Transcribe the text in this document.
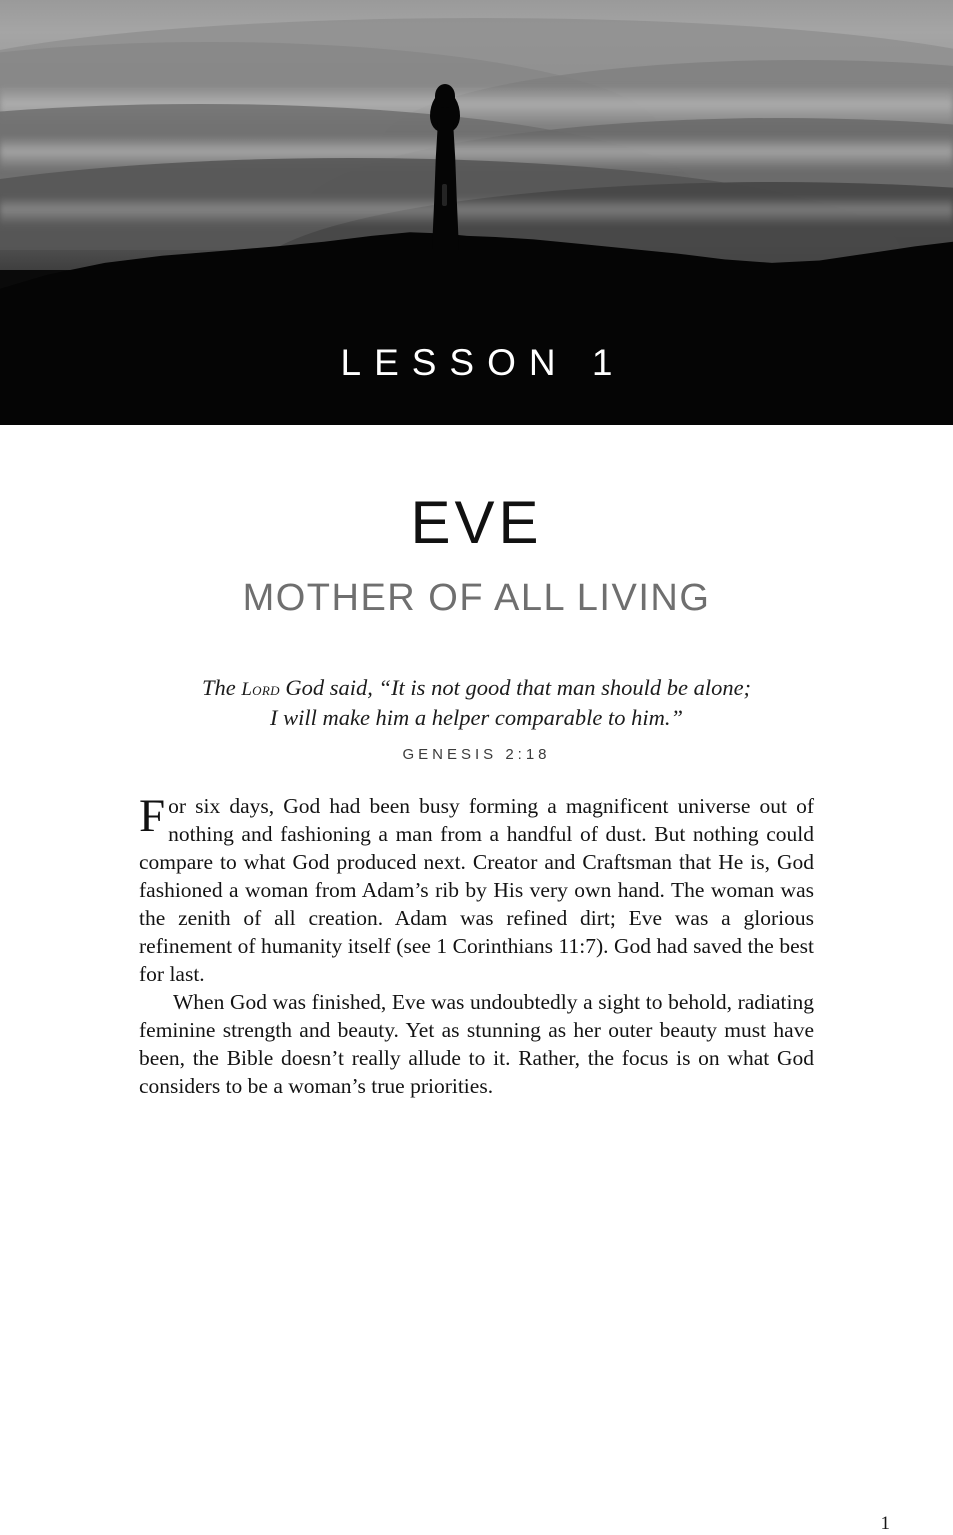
LESSON 1
EVE
MOTHER OF ALL LIVING
The Lord God said, “It is not good that man should be alone;
I will make him a helper comparable to him.”
GENESIS 2:18

For six days, God had been busy forming a magnificent universe out of nothing and fashioning a man from a handful of dust. But nothing could compare to what God produced next. Creator and Craftsman that He is, God fashioned a woman from Adam’s rib by His very own hand. The woman was the zenith of all creation. Adam was refined dirt; Eve was a glorious refinement of humanity itself (see 1 Corinthians 11:7). God had saved the best for last.

When God was finished, Eve was undoubtedly a sight to behold, radiating feminine strength and beauty. Yet as stunning as her outer beauty must have been, the Bible doesn’t really allude to it. Rather, the focus is on what God considers to be a woman’s true priorities.

1
